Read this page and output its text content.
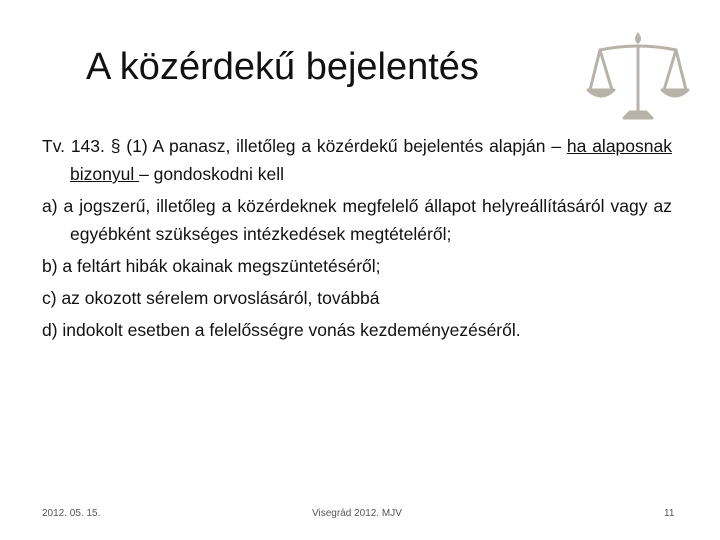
A közérdekű bejelentés

Tv. 143. § (1) A panasz, illetőleg a közérdekű bejelentés alapján – ha alaposnak bizonyul – gondoskodni kell

a) a jogszerű, illetőleg a közérdeknek megfelelő állapot helyreállításáról vagy az egyébként szükséges intézkedések megtételéről;

b) a feltárt hibák okainak megszüntetéséről;

c) az okozott sérelem orvoslásáról, továbbá

d) indokolt esetben a felelősségre vonás kezdeményezéséről.

2012. 05. 15.	Visegrád 2012. MJV	11
